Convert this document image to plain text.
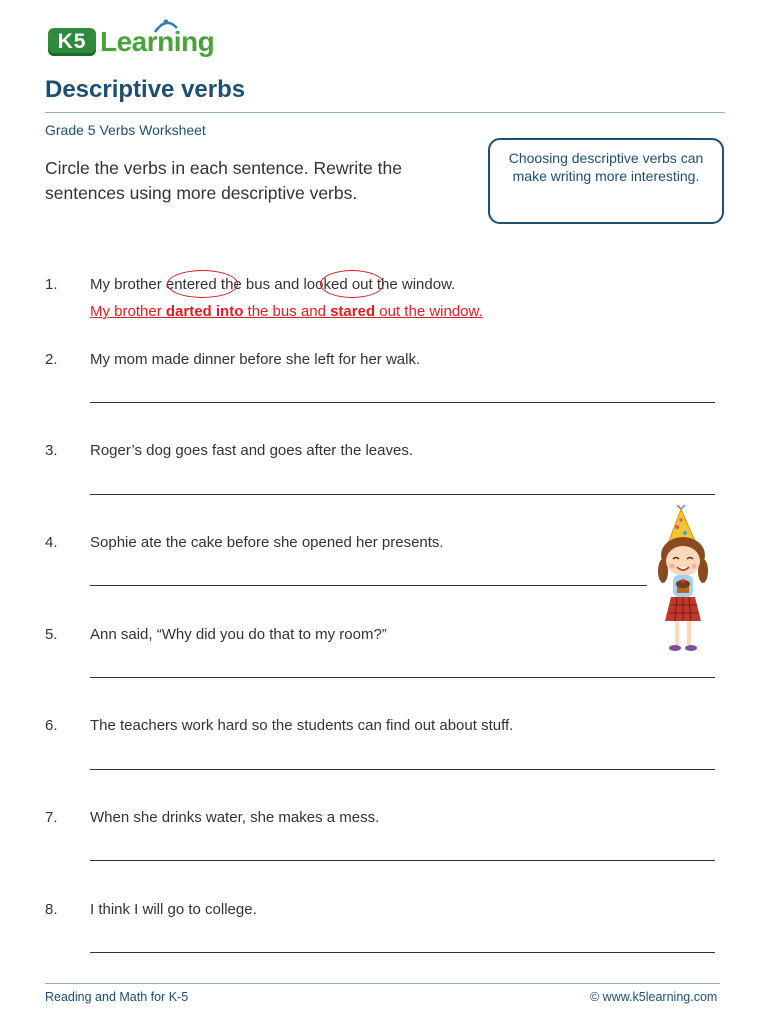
K5 Learning
Descriptive verbs
Grade 5 Verbs Worksheet
Circle the verbs in each sentence. Rewrite the sentences using more descriptive verbs.
Choosing descriptive verbs can make writing more interesting.
1. My brother entered the bus and looked out the window.
My brother darted into the bus and stared out the window.
2. My mom made dinner before she left for her walk.
3. Roger’s dog goes fast and goes after the leaves.
4. Sophie ate the cake before she opened her presents.
5. Ann said, “Why did you do that to my room?”
6. The teachers work hard so the students can find out about stuff.
7. When she drinks water, she makes a mess.
8. I think I will go to college.
Reading and Math for K-5	© www.k5learning.com
